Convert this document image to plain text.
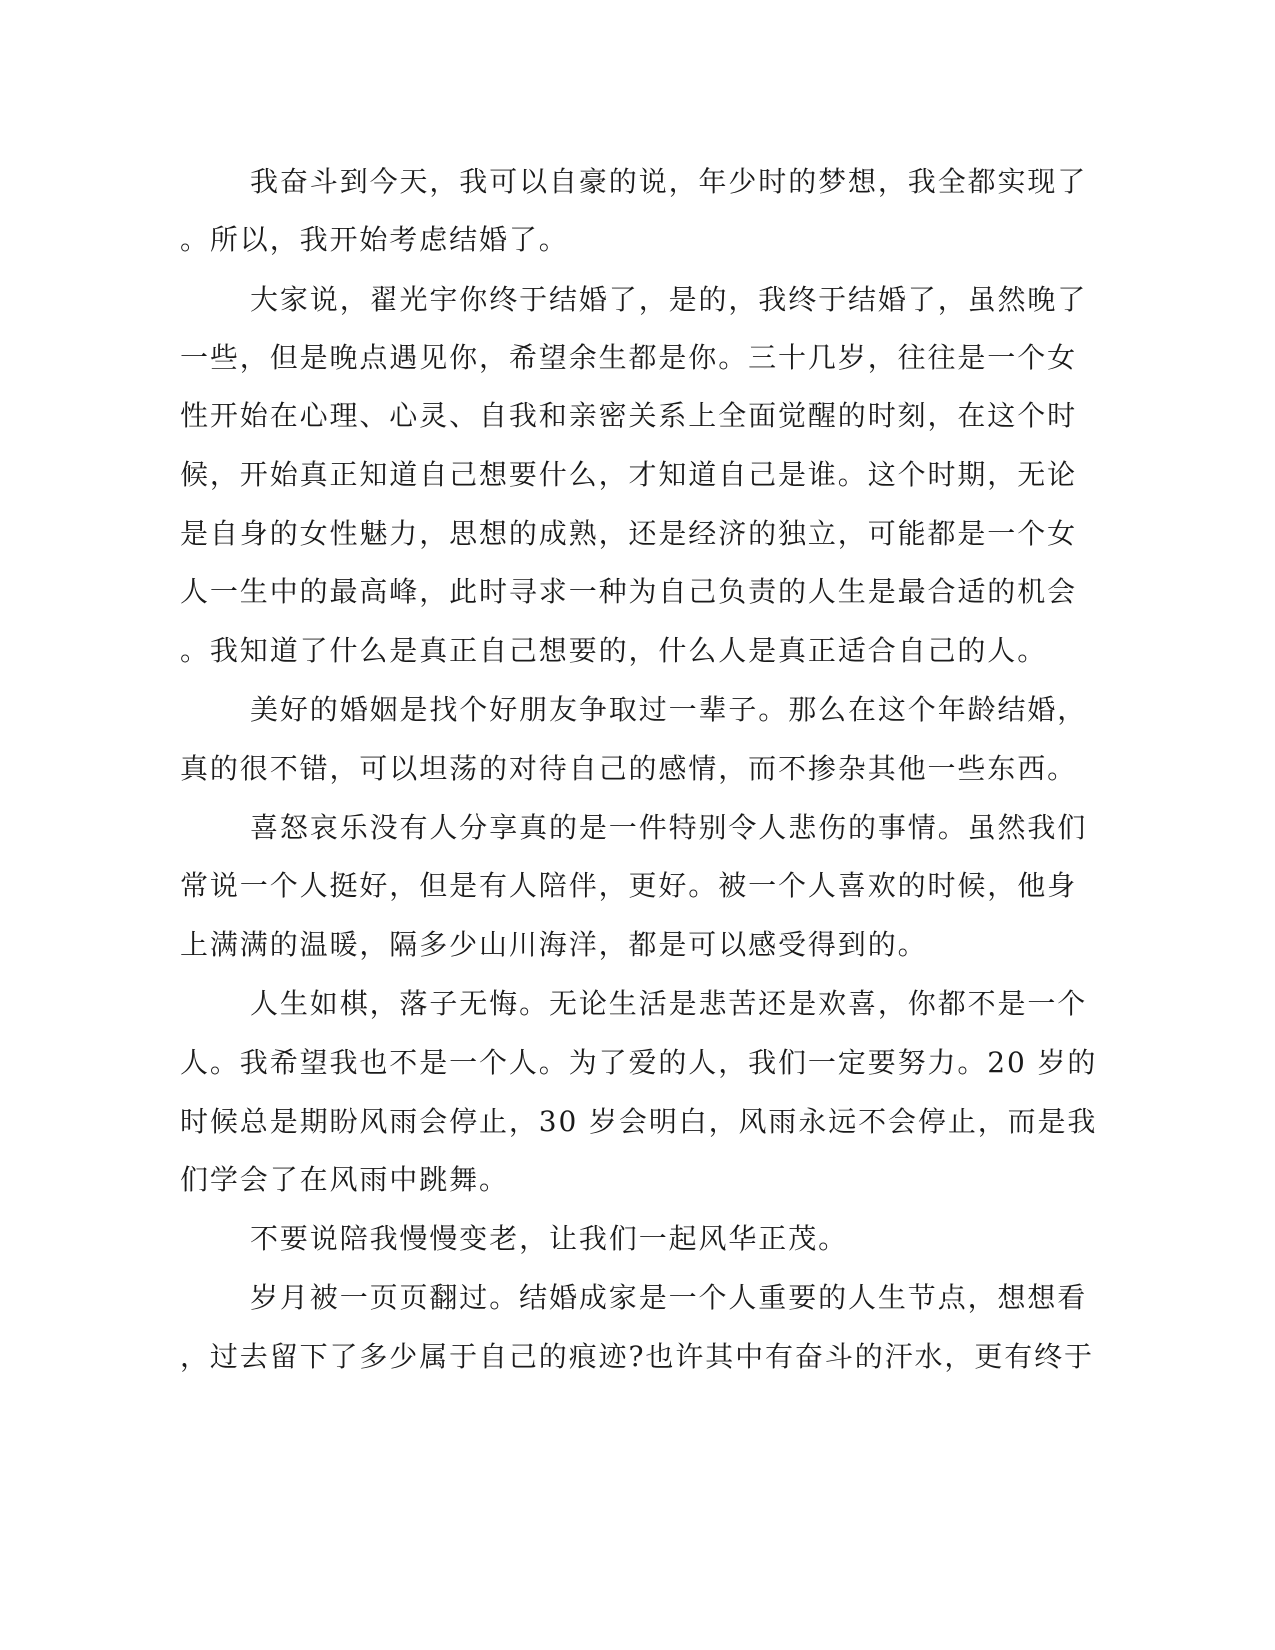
我奋斗到今天，我可以自豪的说，年少时的梦想，我全都实现了

。所以，我开始考虑结婚了。

大家说，翟光宇你终于结婚了，是的，我终于结婚了，虽然晚了

一些，但是晚点遇见你，希望余生都是你。三十几岁，往往是一个女

性开始在心理、心灵、自我和亲密关系上全面觉醒的时刻，在这个时

候，开始真正知道自己想要什么，才知道自己是谁。这个时期，无论

是自身的女性魅力，思想的成熟，还是经济的独立，可能都是一个女

人一生中的最高峰，此时寻求一种为自己负责的人生是最合适的机会

。我知道了什么是真正自己想要的，什么人是真正适合自己的人。

美好的婚姻是找个好朋友争取过一辈子。那么在这个年龄结婚，

真的很不错，可以坦荡的对待自己的感情，而不掺杂其他一些东西。

喜怒哀乐没有人分享真的是一件特别令人悲伤的事情。虽然我们

常说一个人挺好，但是有人陪伴，更好。被一个人喜欢的时候，他身

上满满的温暖，隔多少山川海洋，都是可以感受得到的。

人生如棋，落子无悔。无论生活是悲苦还是欢喜，你都不是一个

人。我希望我也不是一个人。为了爱的人，我们一定要努力。20 岁的

时候总是期盼风雨会停止，30 岁会明白，风雨永远不会停止，而是我

们学会了在风雨中跳舞。

不要说陪我慢慢变老，让我们一起风华正茂。

岁月被一页页翻过。结婚成家是一个人重要的人生节点，想想看

，过去留下了多少属于自己的痕迹?也许其中有奋斗的汗水，更有终于
